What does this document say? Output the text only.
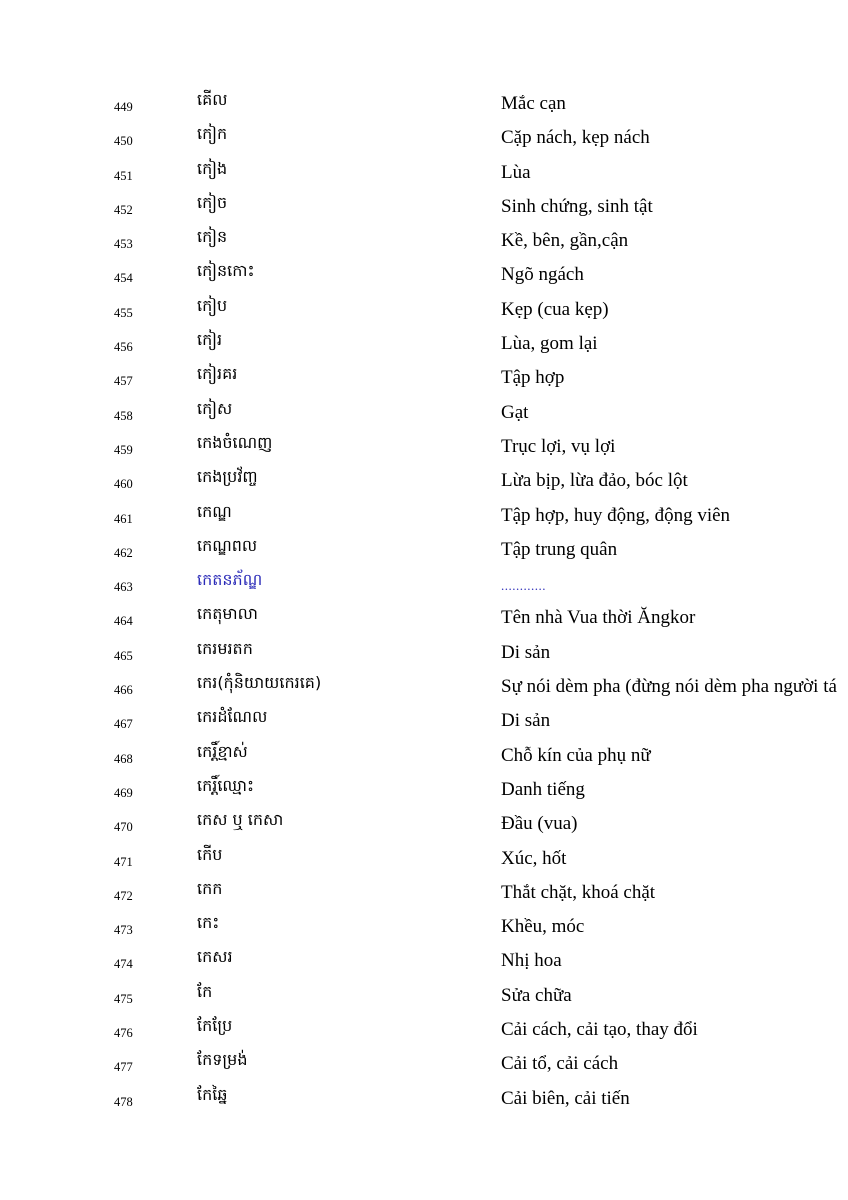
449	គើល	Mắc cạn
450	កៀក	Cặp nách, kẹp nách
451	កៀង	Lùa
452	កៀច	Sinh chứng, sinh tật
453	កៀន	Kề, bên, gần,cận
454	កៀនកោះ	Ngõ ngách
455	កៀប	Kẹp (cua kẹp)
456	កៀរ	Lùa, gom lại
457	កៀរគរ	Tập hợp
458	កៀស	Gạt
459	កេងចំណេញ	Trục lợi, vụ lợi
460	កេងប្រវ័ញ្ច	Lừa bịp, lừa đảo, bóc lột
461	កេណ្ឌ	Tập hợp, huy động, động viên
462	កេណ្ឌពល	Tập trung quân
463	កេតនភ័ណ្ឌ	............
464	កេតុមាលា	Tên nhà Vua thời Ăngkor
465	កេរមរតក	Di sản
466	កេរ(កុំនិយាយកេរគេ)	Sự nói dèm pha (đừng nói dèm pha người tá
467	កេរដំណែល	Di sản
468	កេរ្តិ៍ខ្មាស់	Chỗ kín của phụ nữ
469	កេរ្តិ៍ឈ្មោះ	Danh tiếng
470	កេស ឬ កេសា	Đầu (vua)
471	កើប	Xúc, hốt
472	កេក	Thắt chặt, khoá chặt
473	កេះ	Khều, móc
474	កេសរ	Nhị hoa
475	កែ	Sửa chữa
476	កែប្រែ	Cải cách, cải tạo, thay đổi
477	កែទម្រង់	Cải tổ, cải cách
478	កែឆ្នៃ	Cải biên, cải tiến
